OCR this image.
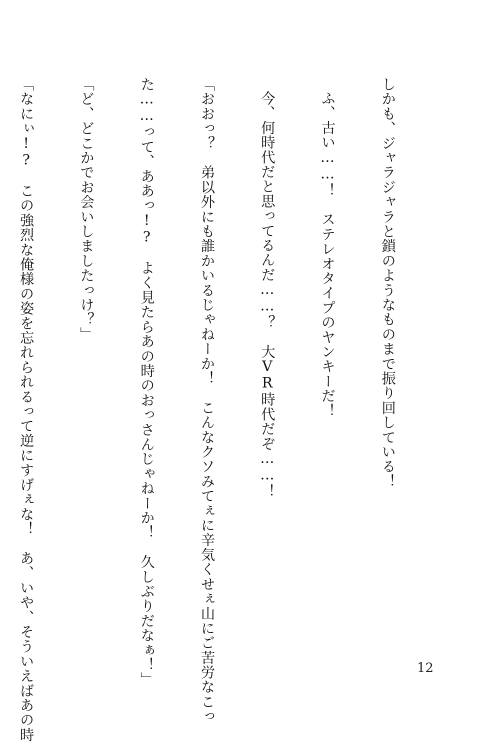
しかも、ジャラジャラと鎖のようなものまで振り回している！

ふ、古い……！　ステレオタイプのヤンキーだ！

今、何時代だと思ってるんだ……？　大VR時代だぞ……！

「おおっ？　弟以外にも誰かいるじゃねーか！　こんなクソみてぇに辛気くせぇ山にご苦労なこっ

た……って、ああっ!?　よく見たらあの時のおっさんじゃねーか！　久しぶりだなぁ！」

「ど、どこかでお会いしましたっけ？」

「なにぃ!?　この強烈な俺様の姿を忘れられるって逆にすげぇな！　あ、いや、そういえばあの時

	12
